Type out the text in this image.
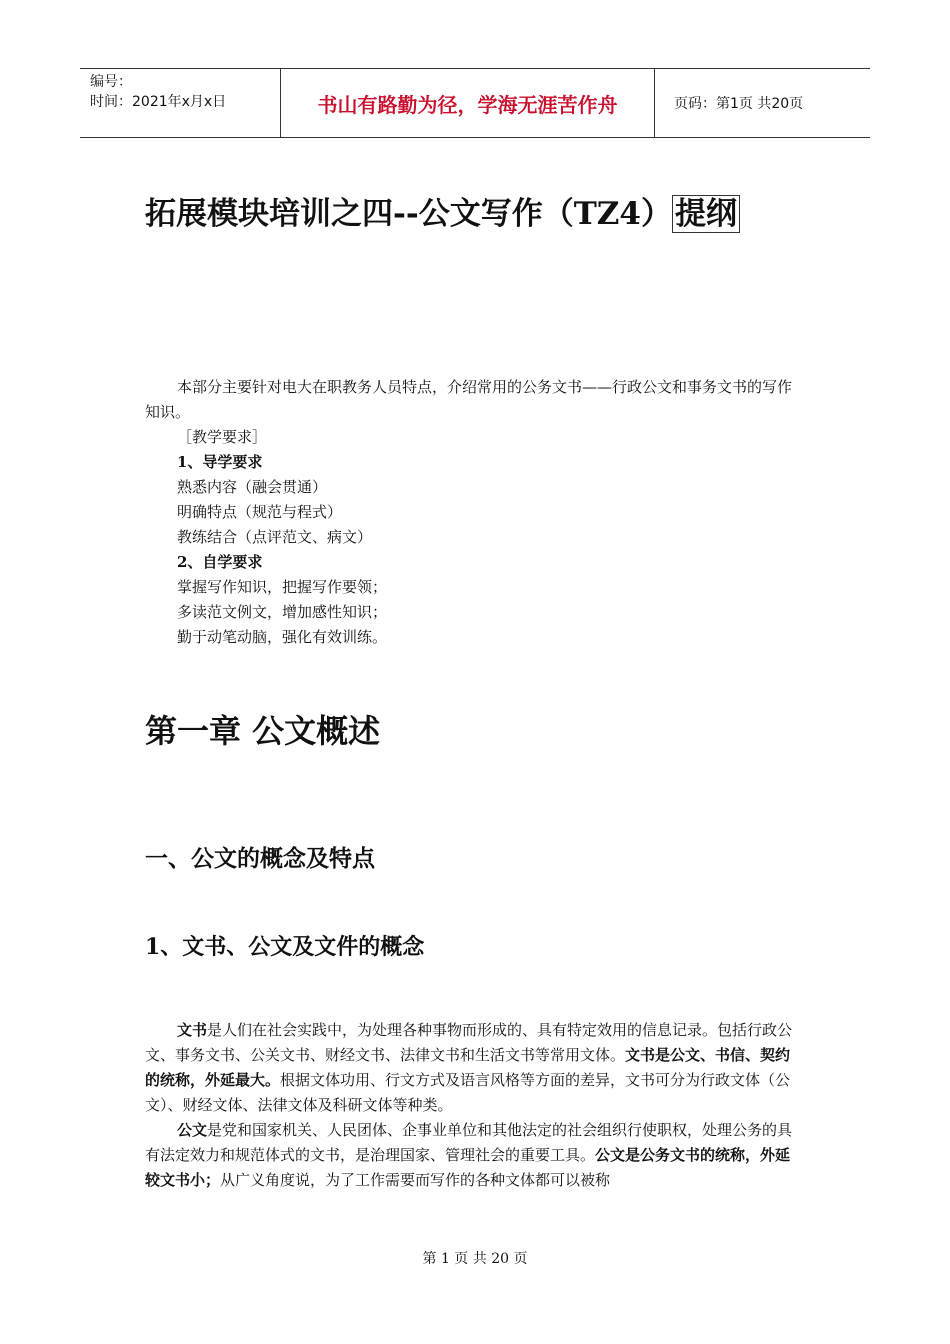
编号：
时间：2021年x月x日	书山有路勤为径，学海无涯苦作舟	页码：第1页 共20页
拓展模块培训之四--公文写作（TZ4）提纲
本部分主要针对电大在职教务人员特点，介绍常用的公务文书——行政公文和事务文书的写作知识。
［教学要求］
1、导学要求
熟悉内容（融会贯通）
明确特点（规范与程式）
教练结合（点评范文、病文）
2、自学要求
掌握写作知识，把握写作要领；
多读范文例文，增加感性知识；
勤于动笔动脑，强化有效训练。
第一章 公文概述
一、公文的概念及特点
1、文书、公文及文件的概念
文书是人们在社会实践中，为处理各种事物而形成的、具有特定效用的信息记录。包括行政公文、事务文书、公关文书、财经文书、法律文书和生活文书等常用文体。文书是公文、书信、契约的统称，外延最大。根据文体功用、行文方式及语言风格等方面的差异，文书可分为行政文体（公文）、财经文体、法律文体及科研文体等种类。
公文是党和国家机关、人民团体、企事业单位和其他法定的社会组织行使职权，处理公务的具有法定效力和规范体式的文书，是治理国家、管理社会的重要工具。公文是公务文书的统称，外延较文书小；从广义角度说，为了工作需要而写作的各种文体都可以被称
第 1 页 共 20 页
